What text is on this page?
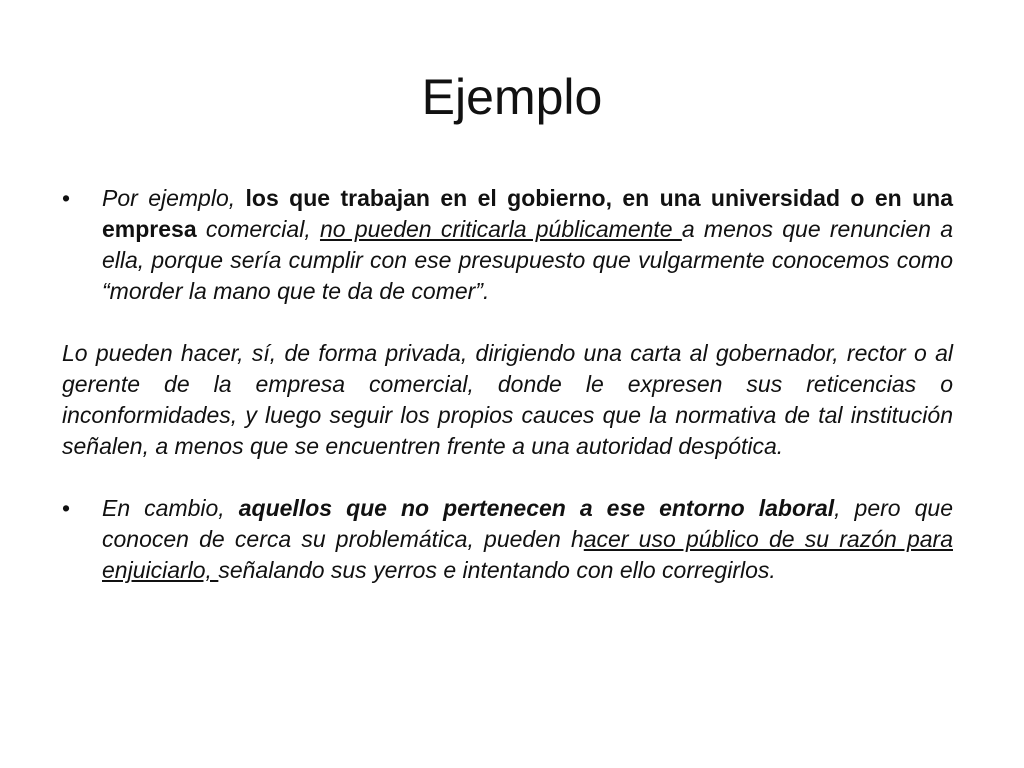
Ejemplo
•	Por ejemplo, los que trabajan en el gobierno, en una universidad o en una empresa comercial, no pueden criticarla públicamente a menos que renuncien a ella, porque sería cumplir con ese presupuesto que vulgarmente conocemos como “morder la mano que te da de comer”.
Lo pueden hacer, sí, de forma privada, dirigiendo una carta al gobernador, rector o al gerente de la empresa comercial, donde le expresen sus reticencias o inconformidades, y luego seguir los propios cauces que la normativa de tal institución señalen, a menos que se encuentren frente a una autoridad despótica.
•	En cambio, aquellos que no pertenecen a ese entorno laboral, pero que conocen de cerca su problemática, pueden hacer uso público de su razón para enjuiciarlo, señalando sus yerros e intentando con ello corregirlos.
